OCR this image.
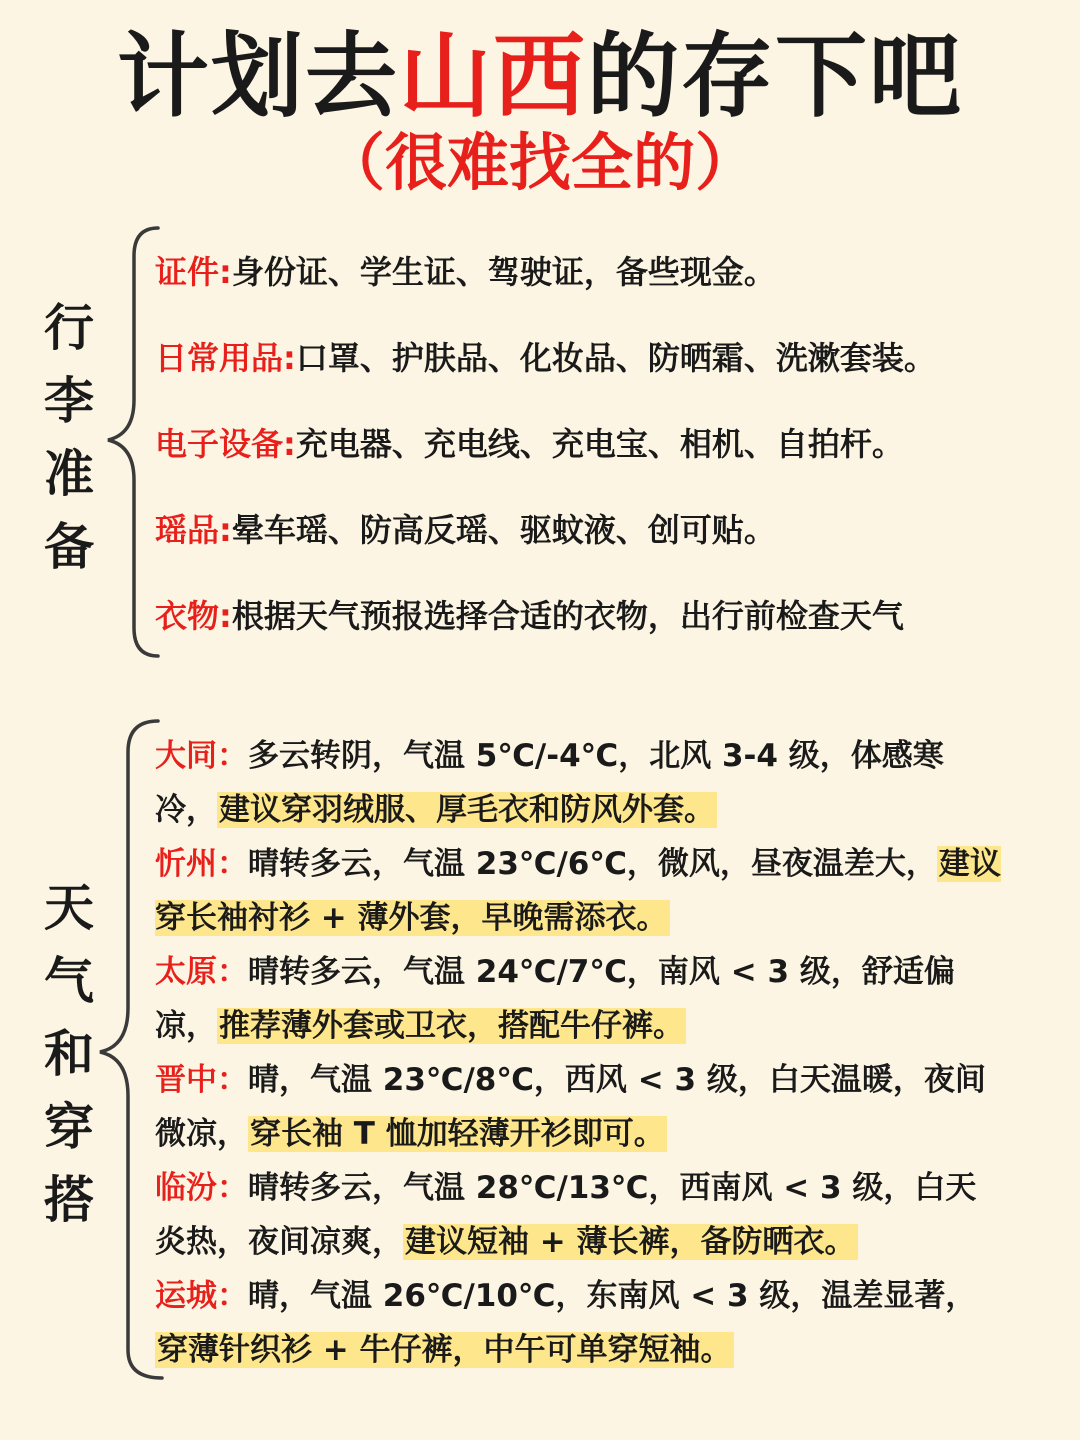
计划去山西的存下吧
（很难找全的）
行
李
准
备
证件:身份证、学生证、驾驶证，备些现金。
日常用品:口罩、护肤品、化妆品、防晒霜、洗漱套装。
电子设备:充电器、充电线、充电宝、相机、自拍杆。
瑶品:晕车瑶、防高反瑶、驱蚊液、创可贴。
衣物:根据天气预报选择合适的衣物，出行前检查天气
天
气
和
穿
搭
大同：多云转阴，气温 5℃/-4℃，北风 3-4 级，体感寒冷，建议穿羽绒服、厚毛衣和防风外套。
忻州：晴转多云，气温 23℃/6℃，微风，昼夜温差大，建议穿长袖衬衫 + 薄外套，早晚需添衣。
太原：晴转多云，气温 24℃/7℃，南风 < 3 级，舒适偏凉，推荐薄外套或卫衣，搭配牛仔裤。
晋中：晴，气温 23℃/8℃，西风 < 3 级，白天温暖，夜间微凉，穿长袖 T 恤加轻薄开衫即可。
临汾：晴转多云，气温 28℃/13℃，西南风 < 3 级，白天炎热，夜间凉爽，建议短袖 + 薄长裤，备防晒衣。
运城：晴，气温 26℃/10℃，东南风 < 3 级，温差显著，穿薄针织衫 + 牛仔裤，中午可单穿短袖。
